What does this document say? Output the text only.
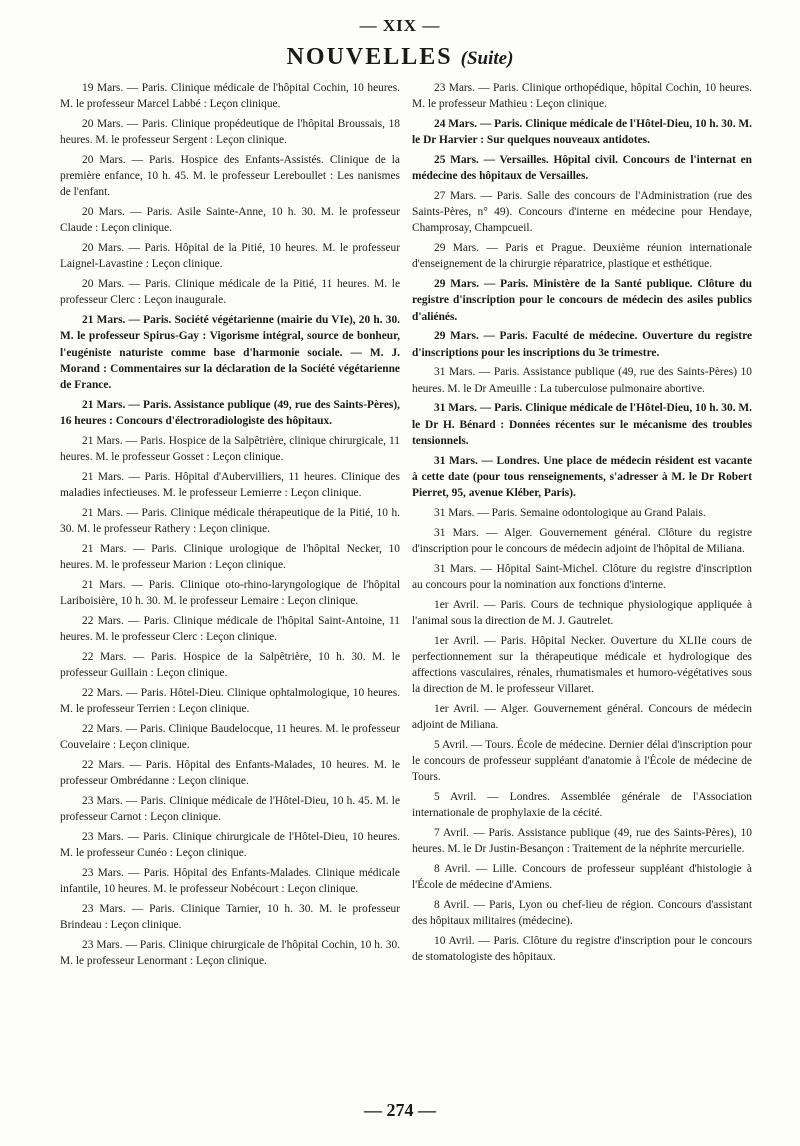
— XIX —
NOUVELLES (Suite)

19 Mars. — Paris. Clinique médicale de l'hôpital Cochin, 10 heures. M. le professeur Marcel Labbé : Leçon clinique.

20 Mars. — Paris. Clinique propédeutique de l'hôpital Broussais, 18 heures. M. le professeur Sergent : Leçon clinique.

20 Mars. — Paris. Hospice des Enfants-Assistés. Clinique de la première enfance, 10 h. 45. M. le professeur Lereboullet : Les nanismes de l'enfant.

20 Mars. — Paris. Asile Sainte-Anne, 10 h. 30. M. le professeur Claude : Leçon clinique.

20 Mars. — Paris. Hôpital de la Pitié, 10 heures. M. le professeur Laignel-Lavastine : Leçon clinique.

20 Mars. — Paris. Clinique médicale de la Pitié, 11 heures. M. le professeur Clerc : Leçon inaugurale.

21 Mars. — Paris. Société végétarienne (mairie du VIe), 20 h. 30. M. le professeur Spirus-Gay : Vigorisme intégral, source de bonheur, l'eugéniste naturiste comme base d'harmonie sociale. — M. J. Morand : Commentaires sur la déclaration de la Société végétarienne de France.

21 Mars. — Paris. Assistance publique (49, rue des Saints-Pères), 16 heures : Concours d'électroradiologiste des hôpitaux.

21 Mars. — Paris. Hospice de la Salpêtrière, clinique chirurgicale, 11 heures. M. le professeur Gosset : Leçon clinique.

21 Mars. — Paris. Hôpital d'Aubervilliers, 11 heures. Clinique des maladies infectieuses. M. le professeur Lemierre : Leçon clinique.

21 Mars. — Paris. Clinique médicale thérapeutique de la Pitié, 10 h. 30. M. le professeur Rathery : Leçon clinique.

21 Mars. — Paris. Clinique urologique de l'hôpital Necker, 10 heures. M. le professeur Marion : Leçon clinique.

21 Mars. — Paris. Clinique oto-rhino-laryngologique de l'hôpital Lariboisière, 10 h. 30. M. le professeur Lemaire : Leçon clinique.

22 Mars. — Paris. Clinique médicale de l'hôpital Saint-Antoine, 11 heures. M. le professeur Clerc : Leçon clinique.

22 Mars. — Paris. Hospice de la Salpêtrière, 10 h. 30. M. le professeur Guillain : Leçon clinique.

22 Mars. — Paris. Hôtel-Dieu. Clinique ophtalmologique, 10 heures. M. le professeur Terrien : Leçon clinique.

22 Mars. — Paris. Clinique Baudelocque, 11 heures. M. le professeur Couvelaire : Leçon clinique.

22 Mars. — Paris. Hôpital des Enfants-Malades, 10 heures. M. le professeur Ombrédanne : Leçon clinique.

23 Mars. — Paris. Clinique médicale de l'Hôtel-Dieu, 10 h. 45. M. le professeur Carnot : Leçon clinique.

23 Mars. — Paris. Clinique chirurgicale de l'Hôtel-Dieu, 10 heures. M. le professeur Cunéo : Leçon clinique.

23 Mars. — Paris. Hôpital des Enfants-Malades. Clinique médicale infantile, 10 heures. M. le professeur Nobécourt : Leçon clinique.

23 Mars. — Paris. Clinique Tarnier, 10 h. 30. M. le professeur Brindeau : Leçon clinique.

23 Mars. — Paris. Clinique chirurgicale de l'hôpital Cochin, 10 h. 30. M. le professeur Lenormant : Leçon clinique.

23 Mars. — Paris. Clinique orthopédique, hôpital Cochin, 10 heures. M. le professeur Mathieu : Leçon clinique.

24 Mars. — Paris. Clinique médicale de l'Hôtel-Dieu, 10 h. 30. M. le Dr Harvier : Sur quelques nouveaux antidotes.

25 Mars. — Versailles. Hôpital civil. Concours de l'internat en médecine des hôpitaux de Versailles.

27 Mars. — Paris. Salle des concours de l'Administration (rue des Saints-Pères, n° 49). Concours d'interne en médecine pour Hendaye, Champrosay, Champcueil.

29 Mars. — Paris et Prague. Deuxième réunion internationale d'enseignement de la chirurgie réparatrice, plastique et esthétique.

29 Mars. — Paris. Ministère de la Santé publique. Clôture du registre d'inscription pour le concours de médecin des asiles publics d'aliénés.

29 Mars. — Paris. Faculté de médecine. Ouverture du registre d'inscriptions pour les inscriptions du 3e trimestre.

31 Mars. — Paris. Assistance publique (49, rue des Saints-Pères) 10 heures. M. le Dr Ameuille : La tuberculose pulmonaire abortive.

31 Mars. — Paris. Clinique médicale de l'Hôtel-Dieu, 10 h. 30. M. le Dr H. Bénard : Données récentes sur le mécanisme des troubles tensionnels.

31 Mars. — Londres. Une place de médecin résident est vacante à cette date (pour tous renseignements, s'adresser à M. le Dr Robert Pierret, 95, avenue Kléber, Paris).

31 Mars. — Paris. Semaine odontologique au Grand Palais.

31 Mars. — Alger. Gouvernement général. Clôture du registre d'inscription pour le concours de médecin adjoint de l'hôpital de Miliana.

31 Mars. — Hôpital Saint-Michel. Clôture du registre d'inscription au concours pour la nomination aux fonctions d'interne.

1er Avril. — Paris. Cours de technique physiologique appliquée à l'animal sous la direction de M. J. Gautrelet.

1er Avril. — Paris. Hôpital Necker. Ouverture du XLIIe cours de perfectionnement sur la thérapeutique médicale et hydrologique des affections vasculaires, rénales, rhumatismales et humoro-végétatives sous la direction de M. le professeur Villaret.

1er Avril. — Alger. Gouvernement général. Concours de médecin adjoint de Miliana.

5 Avril. — Tours. École de médecine. Dernier délai d'inscription pour le concours de professeur suppléant d'anatomie à l'École de médecine de Tours.

5 Avril. — Londres. Assemblée générale de l'Association internationale de prophylaxie de la cécité.

7 Avril. — Paris. Assistance publique (49, rue des Saints-Pères), 10 heures. M. le Dr Justin-Besançon : Traitement de la néphrite mercurielle.

8 Avril. — Lille. Concours de professeur suppléant d'histologie à l'École de médecine d'Amiens.

8 Avril. — Paris, Lyon ou chef-lieu de région. Concours d'assistant des hôpitaux militaires (médecine).

10 Avril. — Paris. Clôture du registre d'inscription pour le concours de stomatologiste des hôpitaux.

— 274 —
